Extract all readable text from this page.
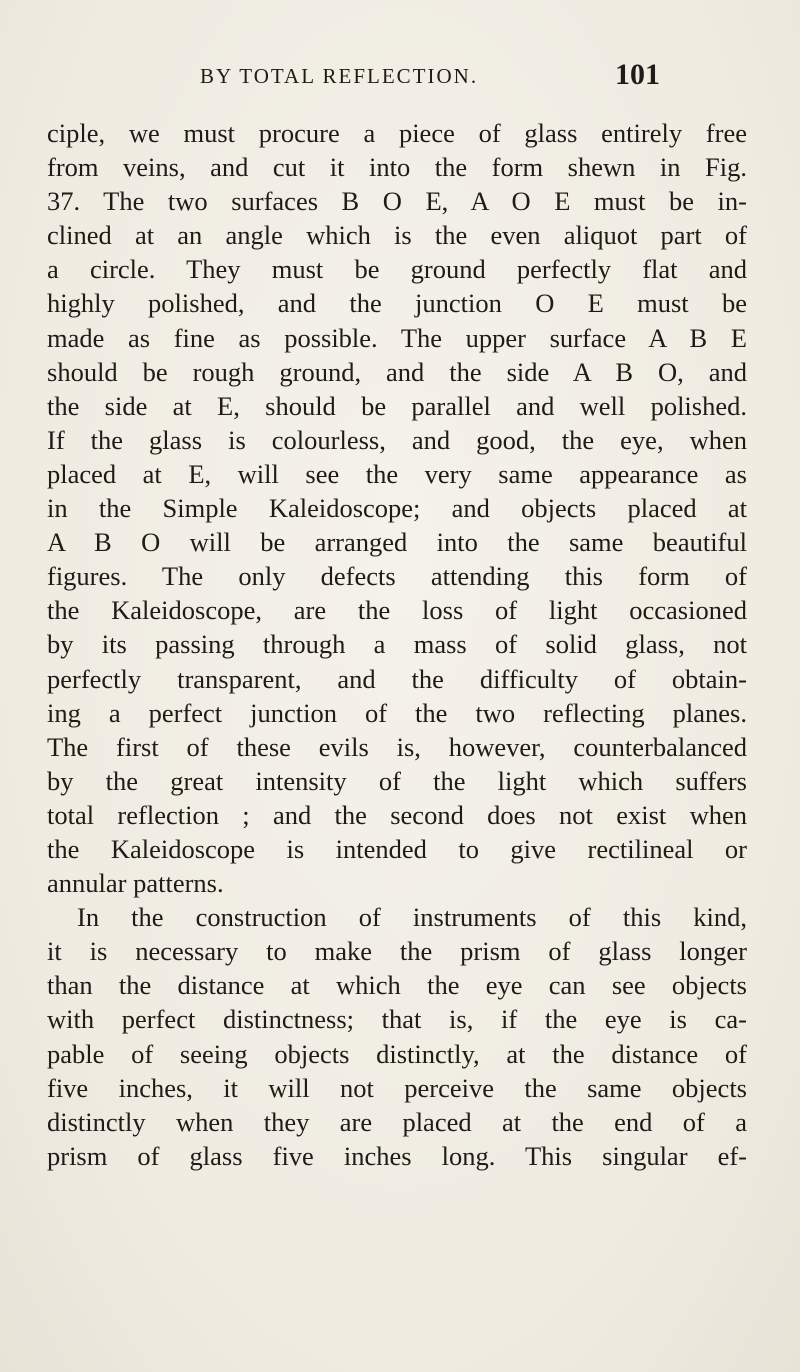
BY TOTAL REFLECTION.	101
ciple, we must procure a piece of glass entirely free
from veins, and cut it into the form shewn in Fig.
37. The two surfaces B O E, A O E must be in-
clined at an angle which is the even aliquot part of
a circle. They must be ground perfectly flat and
highly polished, and the junction O E must be
made as fine as possible. The upper surface A B E
should be rough ground, and the side A B O, and
the side at E, should be parallel and well polished.
If the glass is colourless, and good, the eye, when
placed at E, will see the very same appearance as
in the Simple Kaleidoscope; and objects placed at
A B O will be arranged into the same beautiful
figures. The only defects attending this form of
the Kaleidoscope, are the loss of light occasioned
by its passing through a mass of solid glass, not
perfectly transparent, and the difficulty of obtain-
ing a perfect junction of the two reflecting planes.
The first of these evils is, however, counterbalanced
by the great intensity of the light which suffers
total reflection ; and the second does not exist when
the Kaleidoscope is intended to give rectilineal or
annular patterns.
In the construction of instruments of this kind,
it is necessary to make the prism of glass longer
than the distance at which the eye can see objects
with perfect distinctness; that is, if the eye is ca-
pable of seeing objects distinctly, at the distance of
five inches, it will not perceive the same objects
distinctly when they are placed at the end of a
prism of glass five inches long. This singular ef-
